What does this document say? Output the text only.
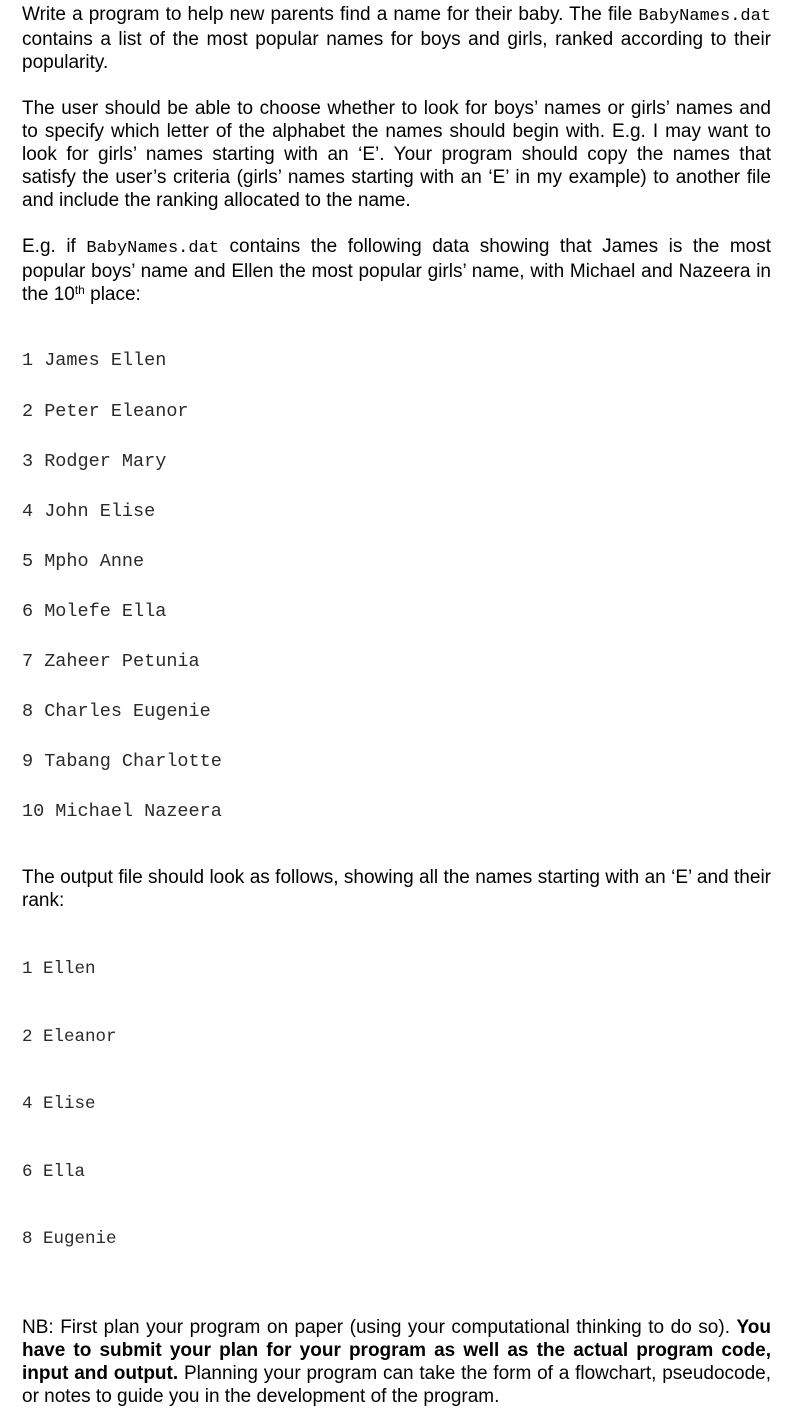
Write a program to help new parents find a name for their baby. The file BabyNames.dat contains a list of the most popular names for boys and girls, ranked according to their popularity.

The user should be able to choose whether to look for boys’ names or girls’ names and to specify which letter of the alphabet the names should begin with. E.g. I may want to look for girls’ names starting with an ‘E’. Your program should copy the names that satisfy the user’s criteria (girls’ names starting with an ‘E’ in my example) to another file and include the ranking allocated to the name.

E.g. if BabyNames.dat contains the following data showing that James is the most popular boys’ name and Ellen the most popular girls’ name, with Michael and Nazeera in the 10th place:

1 James Ellen

2 Peter Eleanor

3 Rodger Mary

4 John Elise

5 Mpho Anne

6 Molefe Ella

7 Zaheer Petunia

8 Charles Eugenie

9 Tabang Charlotte

10 Michael Nazeera

The output file should look as follows, showing all the names starting with an ‘E’ and their rank:

1 Ellen

2 Eleanor

4 Elise

6 Ella

8 Eugenie

NB: First plan your program on paper (using your computational thinking to do so). You have to submit your plan for your program as well as the actual program code, input and output. Planning your program can take the form of a flowchart, pseudocode, or notes to guide you in the development of the program.
